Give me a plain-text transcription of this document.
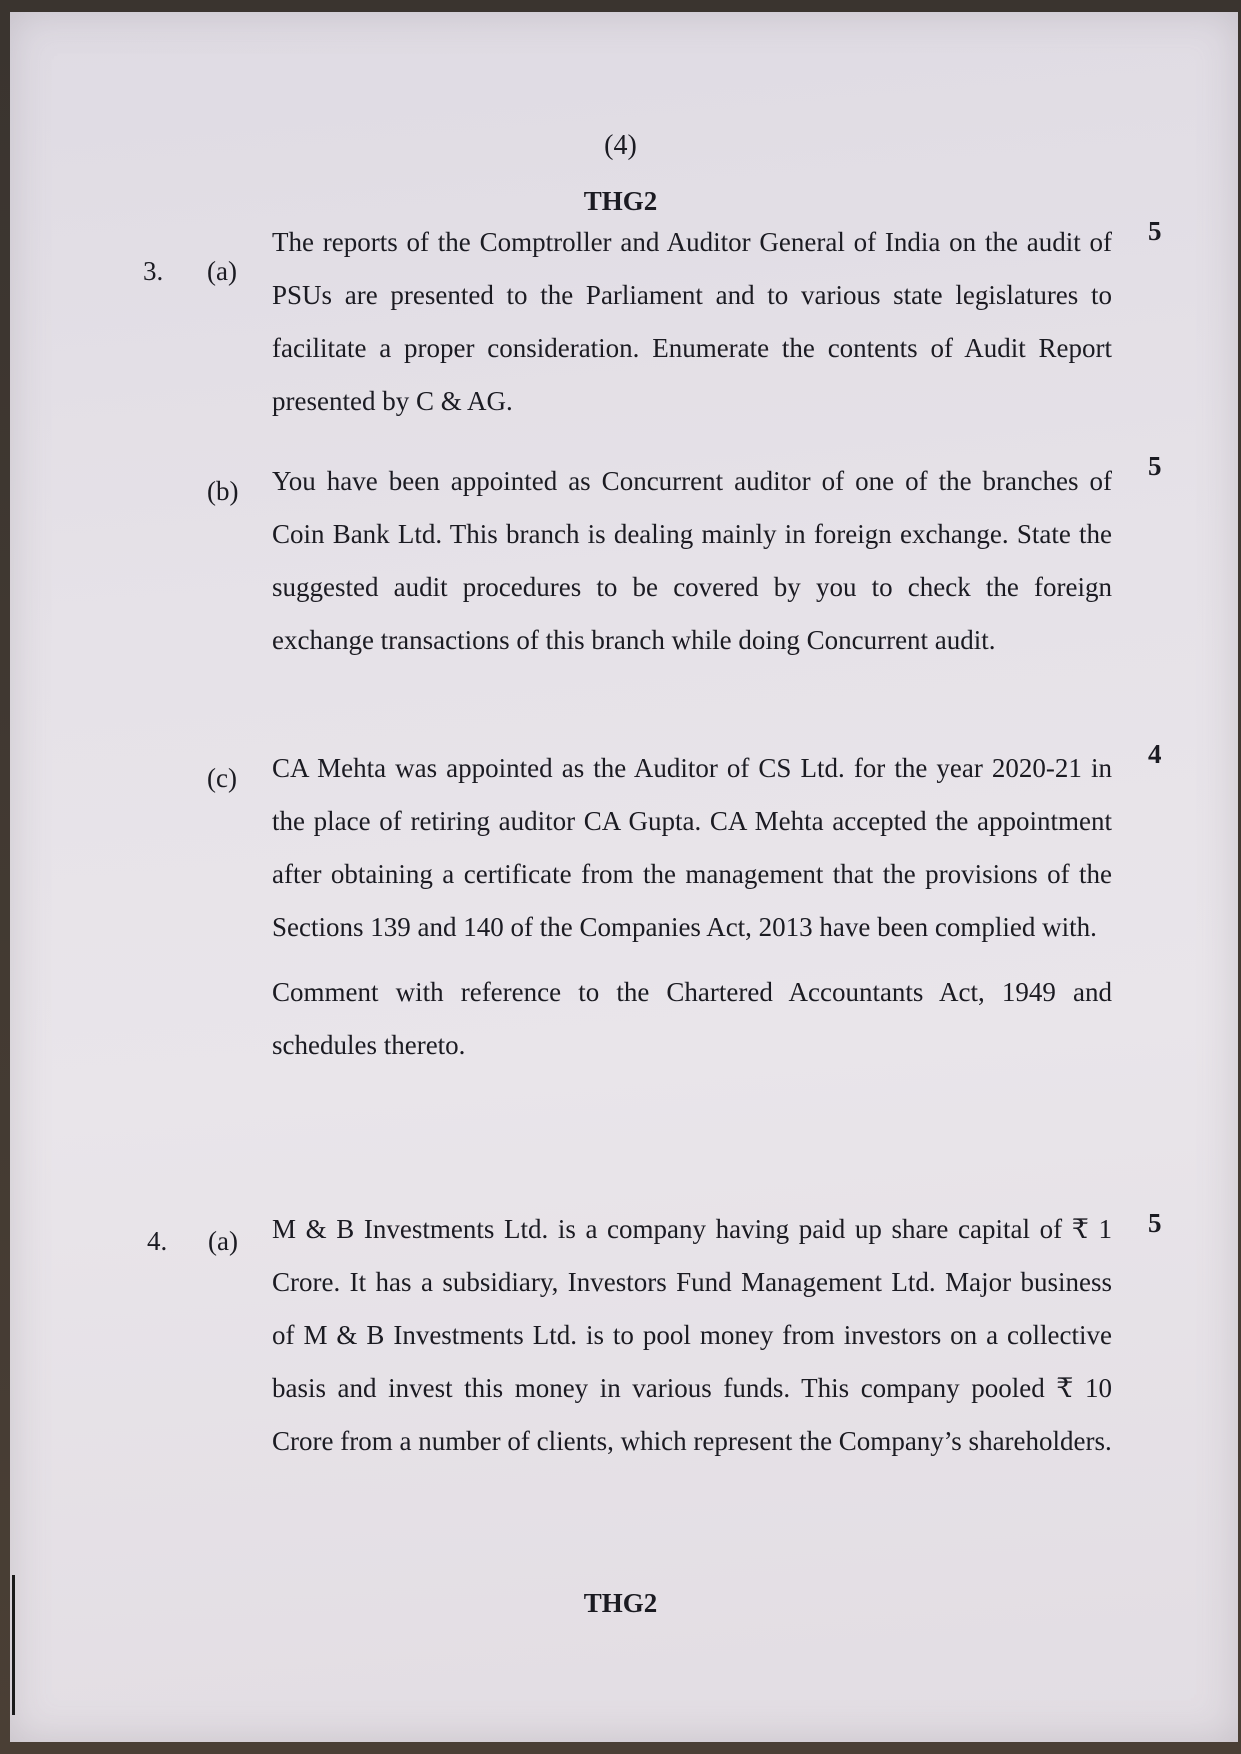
(4)
THG2
3.	(a)
The reports of the Comptroller and Auditor General of India on the audit of PSUs are presented to the Parliament and to various state legislatures to facilitate a proper consideration. Enumerate the contents of Audit Report presented by C & AG.
5
(b)	You have been appointed as Concurrent auditor of one of the branches of Coin Bank Ltd. This branch is dealing mainly in foreign exchange. State the suggested audit procedures to be covered by you to check the foreign exchange transactions of this branch while doing Concurrent audit.
5
(c)	CA Mehta was appointed as the Auditor of CS Ltd. for the year 2020-21 in the place of retiring auditor CA Gupta. CA Mehta accepted the appointment after obtaining a certificate from the management that the provisions of the Sections 139 and 140 of the Companies Act, 2013 have been complied with.
Comment with reference to the Chartered Accountants Act, 1949 and schedules thereto.
4
4.	(a)	M & B Investments Ltd. is a company having paid up share capital of ₹ 1 Crore. It has a subsidiary, Investors Fund Management Ltd. Major business of M & B Investments Ltd. is to pool money from investors on a collective basis and invest this money in various funds. This company pooled ₹ 10 Crore from a number of clients, which represent the Company’s shareholders.
5
THG2
